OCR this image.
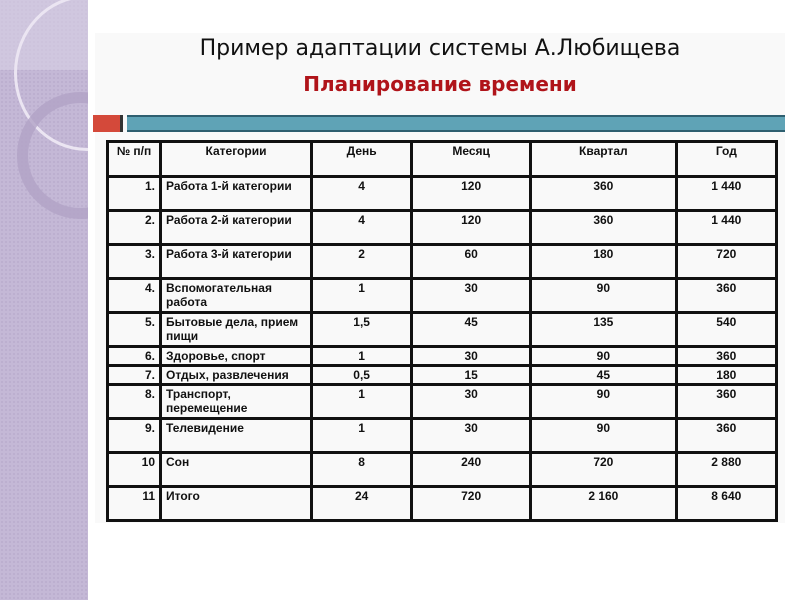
Пример адаптации системы А.Любищева
Планирование времени
№ п/п	Категории	День	Месяц	Квартал	Год
1.	Работа 1-й категории	4	120	360	1 440
2.	Работа 2-й категории	4	120	360	1 440
3.	Работа 3-й категории	2	60	180	720
4.	Вспомогательная работа	1	30	90	360
5.	Бытовые дела, прием пищи	1,5	45	135	540
6.	Здоровье, спорт	1	30	90	360
7.	Отдых, развлечения	0,5	15	45	180
8.	Транспорт, перемещение	1	30	90	360
9.	Телевидение	1	30	90	360
10	Сон	8	240	720	2 880
11	Итого	24	720	2 160	8 640
